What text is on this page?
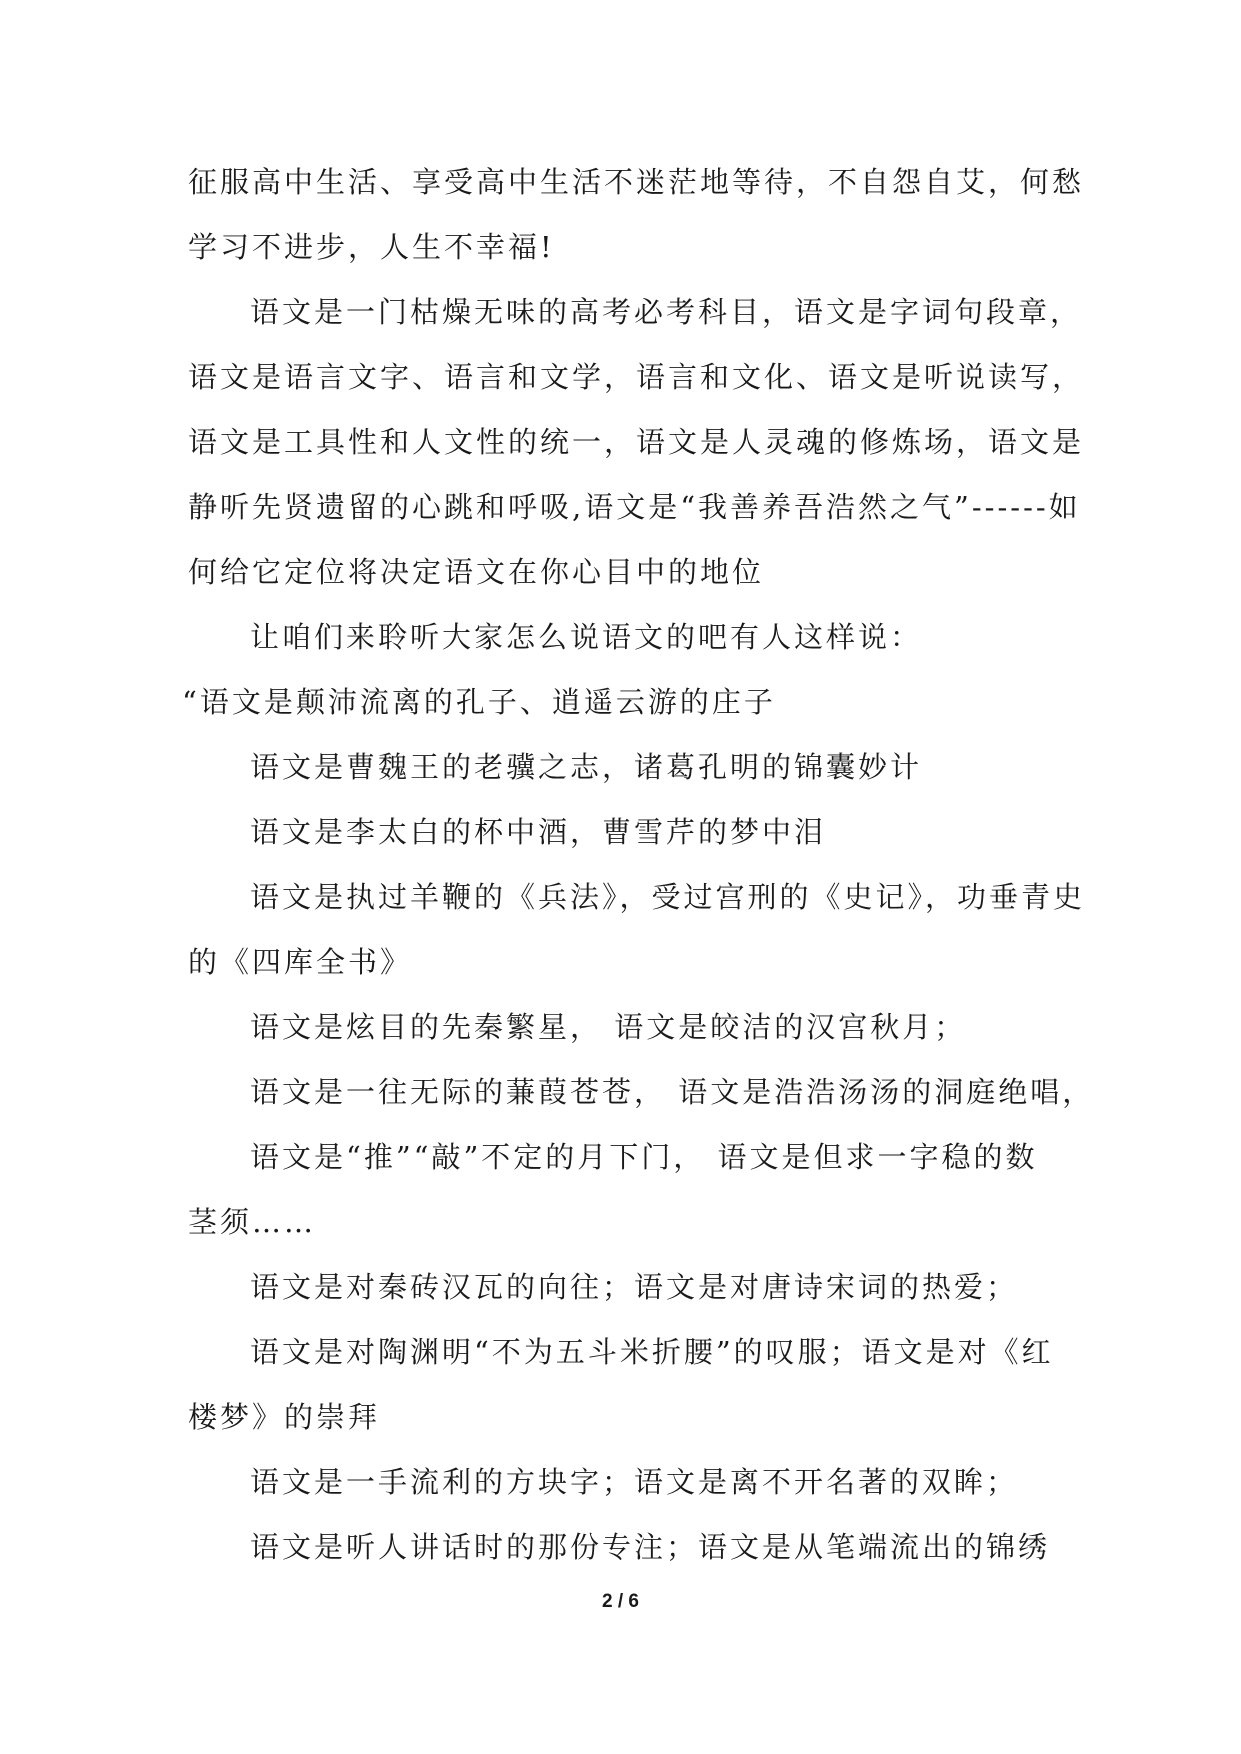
征服高中生活、享受高中生活不迷茫地等待，不自怨自艾，何愁
学习不进步，人生不幸福!
语文是一门枯燥无味的高考必考科目，语文是字词句段章，
语文是语言文字、语言和文学，语言和文化、语文是听说读写，
语文是工具性和人文性的统一，语文是人灵魂的修炼场，语文是
静听先贤遗留的心跳和呼吸,语文是“我善养吾浩然之气”------如
何给它定位将决定语文在你心目中的地位
让咱们来聆听大家怎么说语文的吧有人这样说：
“语文是颠沛流离的孔子、逍遥云游的庄子
语文是曹魏王的老骥之志，诸葛孔明的锦囊妙计
语文是李太白的杯中酒，曹雪芹的梦中泪
语文是执过羊鞭的《兵法》，受过宫刑的《史记》，功垂青史
的《四库全书》
语文是炫目的先秦繁星， 语文是皎洁的汉宫秋月；
语文是一往无际的蒹葭苍苍， 语文是浩浩汤汤的洞庭绝唱，
语文是“推”“敲”不定的月下门， 语文是但求一字稳的数
茎须……
语文是对秦砖汉瓦的向往；语文是对唐诗宋词的热爱；
语文是对陶渊明“不为五斗米折腰”的叹服；语文是对《红
楼梦》的崇拜
语文是一手流利的方块字；语文是离不开名著的双眸；
语文是听人讲话时的那份专注；语文是从笔端流出的锦绣
2 / 6
